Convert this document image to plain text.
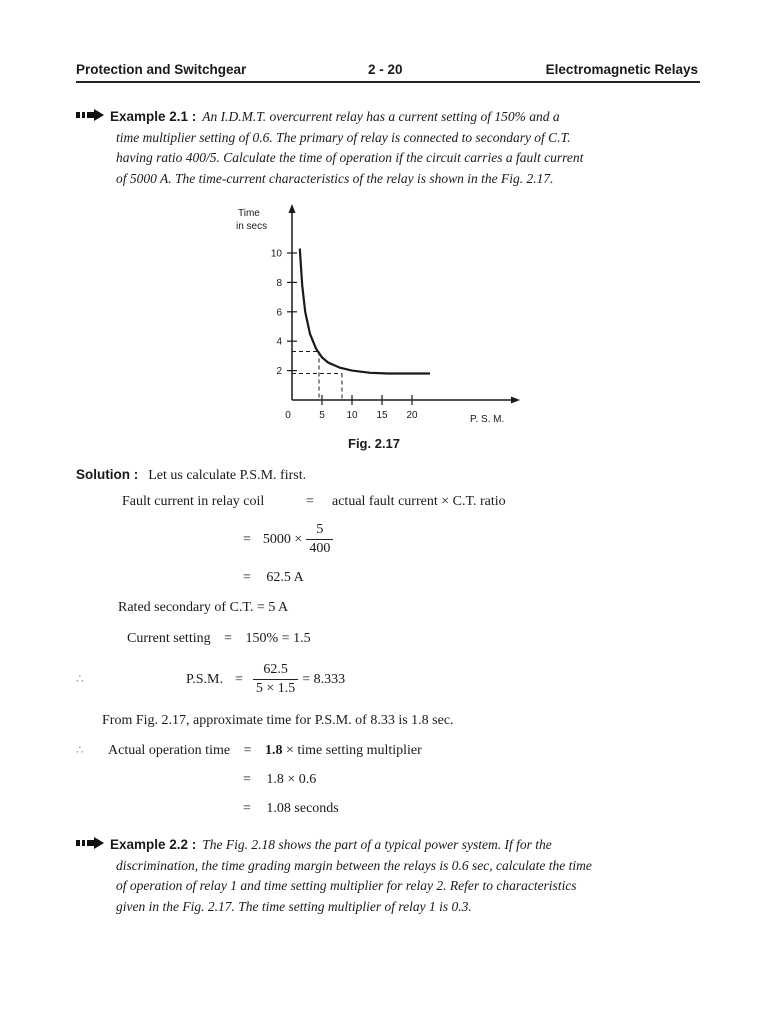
Protection and Switchgear	2 - 20	Electromagnetic Relays
Example 2.1 : An I.D.M.T. overcurrent relay has a current setting of 150% and a
time multiplier setting of 0.6. The primary of relay is connected to secondary of C.T.
having ratio 400/5. Calculate the time of operation if the circuit carries a fault current
of 5000 A. The time-current characteristics of the relay is shown in the Fig. 2.17.
Time
in secs
2
4
6
8
10
0	5 10 15 20	P. S. M.
Fig. 2.17
Solution : Let us calculate P.S.M. first.
Fault current in relay coil	= actual fault current × C.T. ratio
= $5000 \times \frac{5}{400}$
= 62.5 A
Rated secondary of C.T. = 5 A
Current setting = 150% = 1.5
∴	P.S.M. = $\frac{62.5}{5 \times 1.5} = 8.333$
From Fig. 2.17, approximate time for P.S.M. of 8.33 is 1.8 sec.
∴ Actual operation time = 1.8 × time setting multiplier
= 1.8 × 0.6
= 1.08 seconds
Example 2.2 : The Fig. 2.18 shows the part of a typical power system. If for the
discrimination, the time grading margin between the relays is 0.6 sec, calculate the time
of operation of relay 1 and time setting multiplier for relay 2. Refer to characteristics
given in the Fig. 2.17. The time setting multiplier of relay 1 is 0.3.
